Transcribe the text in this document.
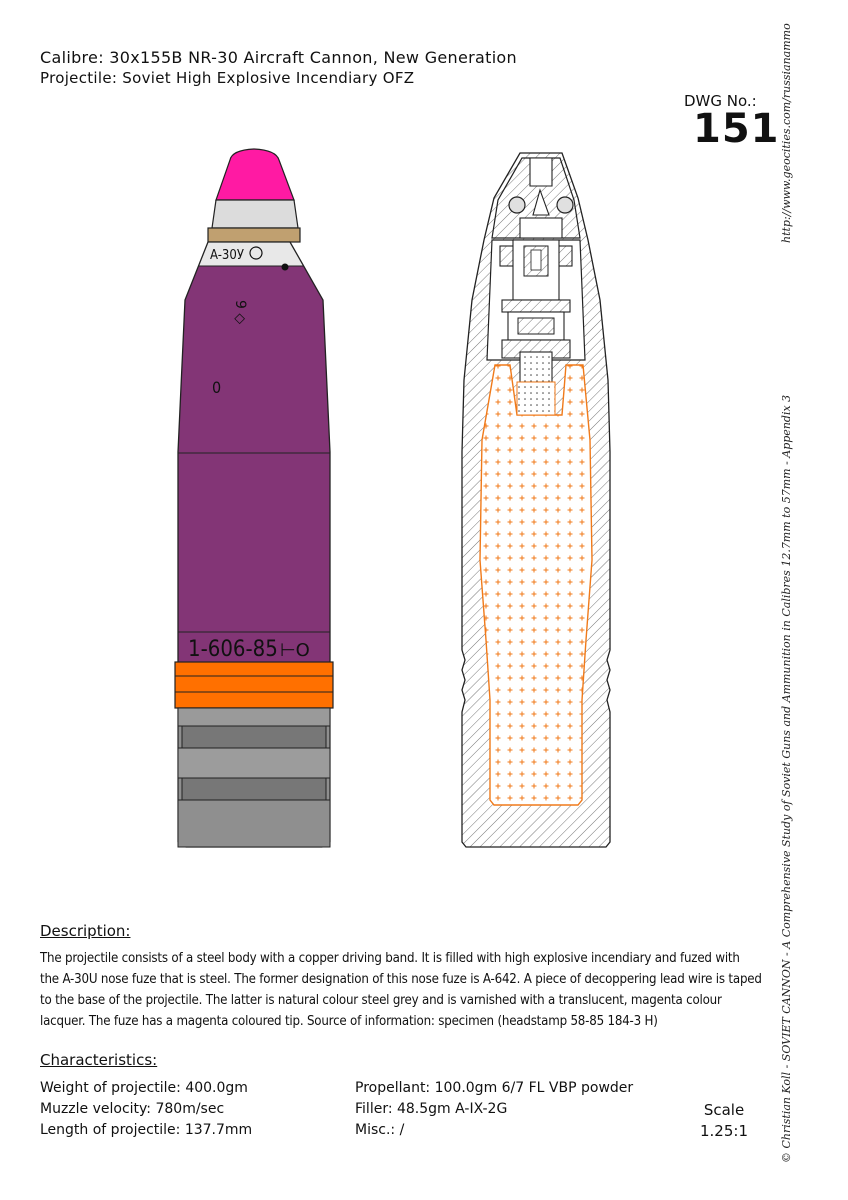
Calibre: 30x155B NR-30 Aircraft Cannon, New Generation
Projectile: Soviet High Explosive Incendiary OFZ
DWG No.:
151 http://www.geocities.com/russianammo
© Christian Koll - SOVIET CANNON - A Comprehensive Study of Soviet Guns and Ammunition in Calibres 12.7mm to 57mm - Appendix 3
A-30У
9 ◇
0
1-606-85 ⊢O
Description:
The projectile consists of a steel body with a copper driving band. It is filled with high explosive incendiary and fuzed with the A-30U nose fuze that is steel. The former designation of this nose fuze is A-642. A piece of decoppering lead wire is taped to the base of the projectile. The latter is natural colour steel grey and is varnished with a translucent, magenta colour lacquer. The fuze has a magenta coloured tip. Source of information: specimen (headstamp 58-85 184-3 H)
Characteristics:
Weight of projectile: 400.0gm
Muzzle velocity: 780m/sec
Length of projectile: 137.7mm
Propellant: 100.0gm 6/7 FL VBP powder
Filler: 48.5gm A-IX-2G
Misc.: /
Scale
1.25:1
